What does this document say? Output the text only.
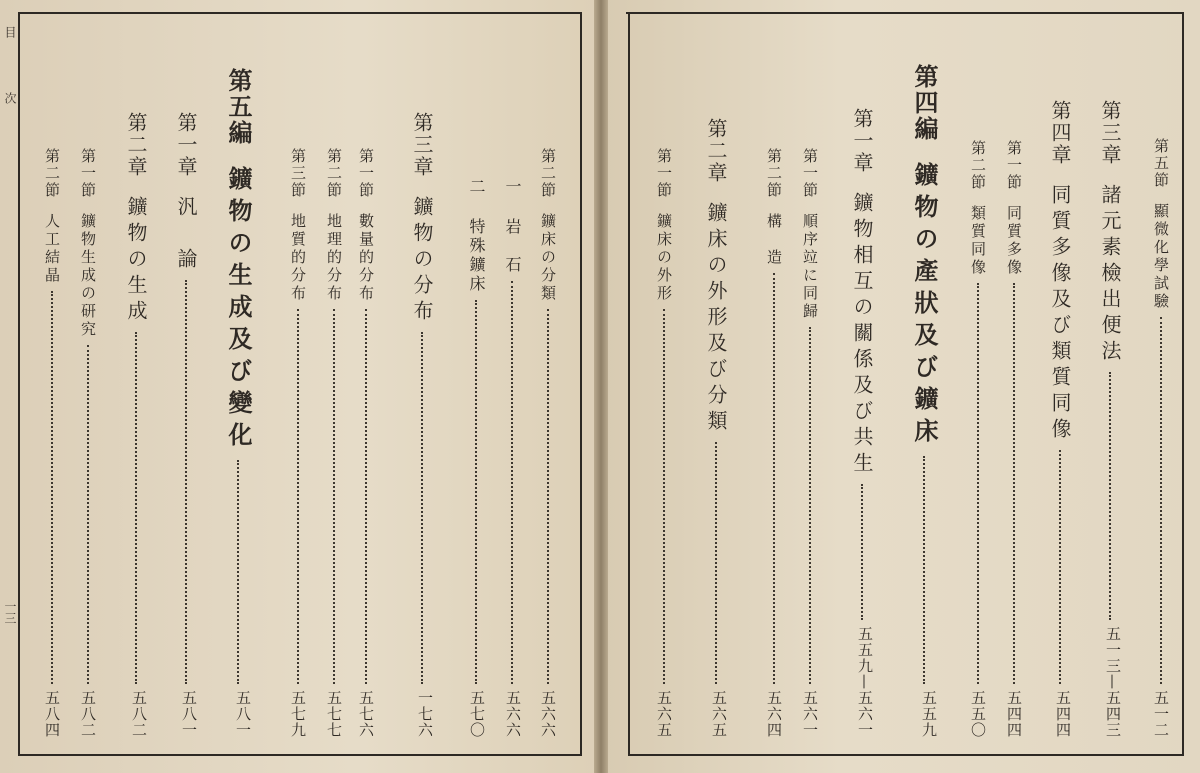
目
次
一三
第五節
顯微化學試驗
五一二
第三章
諸元素檢出便法
五一三—五四三
第四章
同質多像及び類質同像
五四四
第一節
同質多像
五四四
第二節
類質同像
五五〇
第四編
鑛物の產狀及び鑛床
五五九
第一章
鑛物相互の關係及び共生
五五九—五六一
第一節
順序竝に同歸
五六一
第二節
構　造
五六四
第二章
鑛床の外形及び分類
五六五
第一節
鑛床の外形
五六五
第二節
鑛床の分類
五六六
一
岩　石
五六六
二
特殊鑛床
五七〇
第三章
鑛物の分布
一七六
第一節
數量的分布
五七六
第二節
地理的分布
五七七
第三節
地質的分布
五七九
第五編
鑛物の生成及び變化
五八一
第一章
汎　論
五八一
第二章
鑛物の生成
五八二
第一節
鑛物生成の研究
五八二
第二節
人工結晶
五八四
